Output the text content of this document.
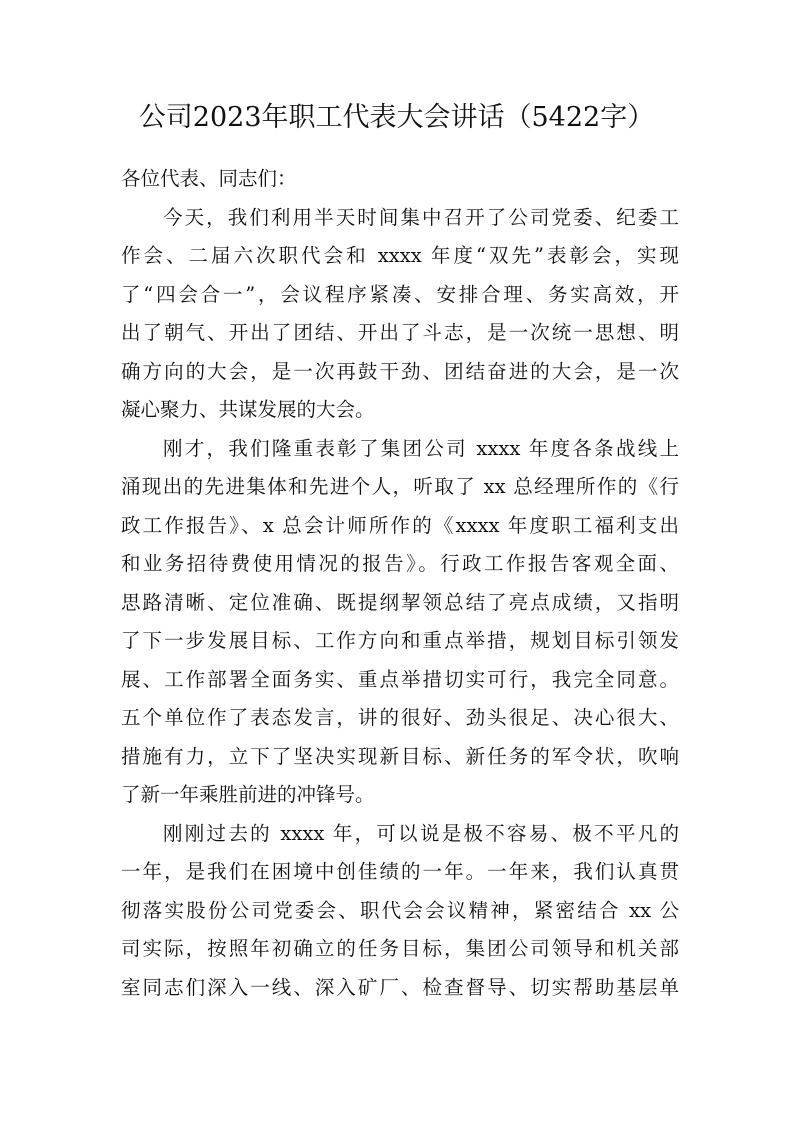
公司2023年职工代表大会讲话（5422字）
各位代表、同志们：
今天，我们利用半天时间集中召开了公司党委、纪委工
作会、二届六次职代会和 xxxx 年度“双先”表彰会，实现
了“四会合一”，会议程序紧凑、安排合理、务实高效，开
出了朝气、开出了团结、开出了斗志，是一次统一思想、明
确方向的大会，是一次再鼓干劲、团结奋进的大会，是一次
凝心聚力、共谋发展的大会。
刚才，我们隆重表彰了集团公司 xxxx 年度各条战线上
涌现出的先进集体和先进个人，听取了 xx 总经理所作的《行
政工作报告》、x 总会计师所作的《xxxx 年度职工福利支出
和业务招待费使用情况的报告》。行政工作报告客观全面、
思路清晰、定位准确、既提纲挈领总结了亮点成绩，又指明
了下一步发展目标、工作方向和重点举措，规划目标引领发
展、工作部署全面务实、重点举措切实可行，我完全同意。
五个单位作了表态发言，讲的很好、劲头很足、决心很大、
措施有力，立下了坚决实现新目标、新任务的军令状，吹响
了新一年乘胜前进的冲锋号。
刚刚过去的 xxxx 年，可以说是极不容易、极不平凡的
一年，是我们在困境中创佳绩的一年。一年来，我们认真贯
彻落实股份公司党委会、职代会会议精神，紧密结合 xx 公
司实际，按照年初确立的任务目标，集团公司领导和机关部
室同志们深入一线、深入矿厂、检查督导、切实帮助基层单
